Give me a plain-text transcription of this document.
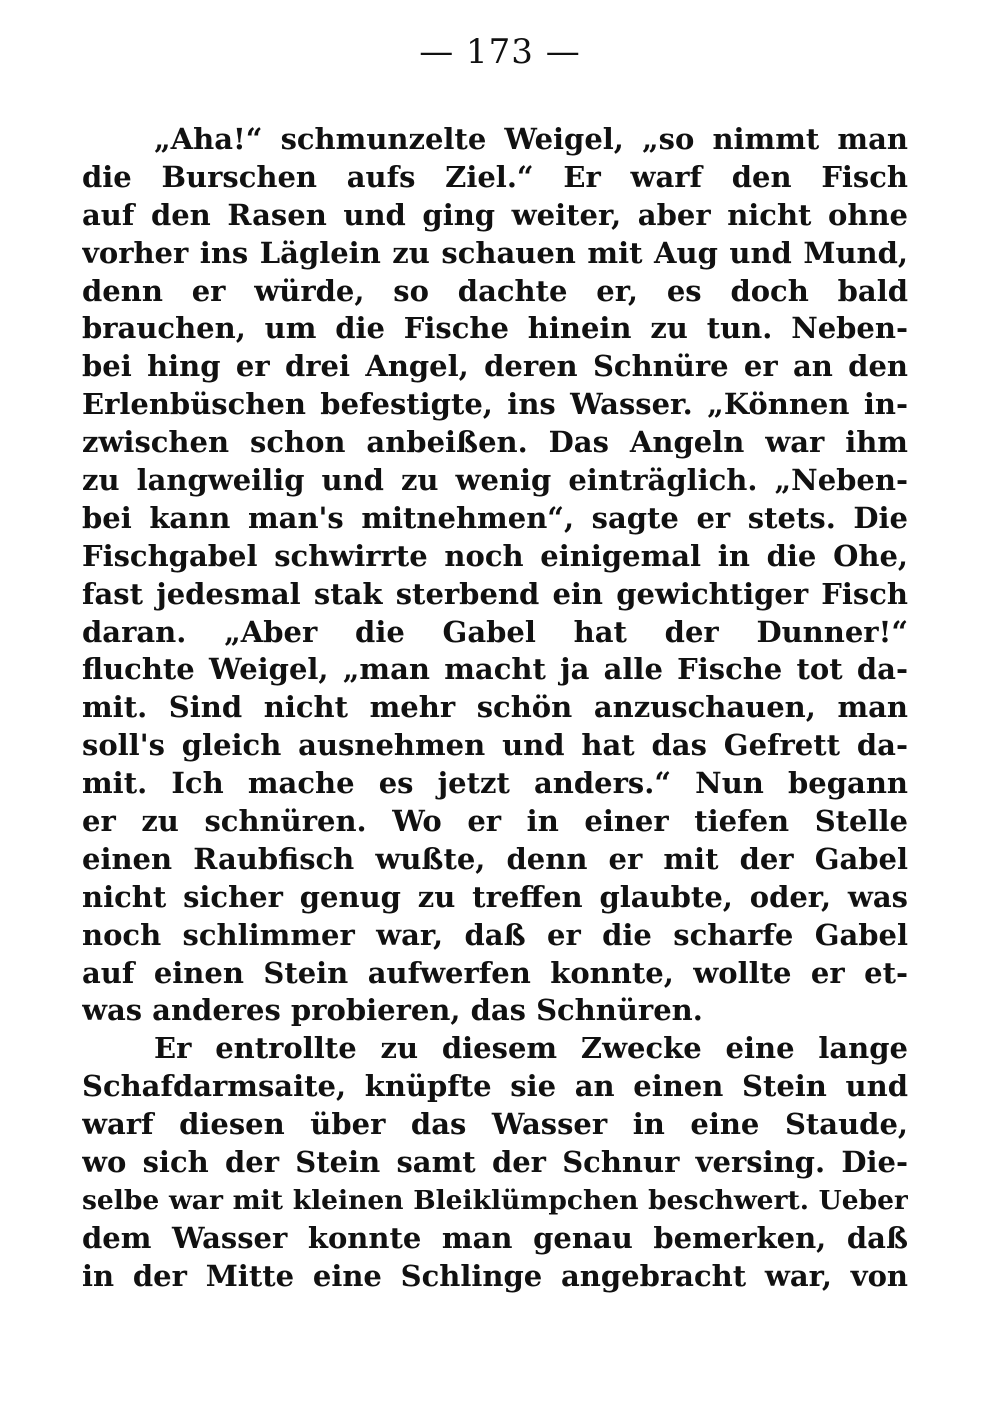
— 173 —
„Aha!“ schmunzelte Weigel, „so nimmt man
die Burschen aufs Ziel.“ Er warf den Fisch
auf den Rasen und ging weiter, aber nicht ohne
vorher ins Läglein zu schauen mit Aug und Mund,
denn er würde, so dachte er, es doch bald
brauchen, um die Fische hinein zu tun. Neben-
bei hing er drei Angel, deren Schnüre er an den
Erlenbüschen befestigte, ins Wasser. „Können in-
zwischen schon anbeißen. Das Angeln war ihm
zu langweilig und zu wenig einträglich. „Neben-
bei kann man's mitnehmen“, sagte er stets. Die
Fischgabel schwirrte noch einigemal in die Ohe,
fast jedesmal stak sterbend ein gewichtiger Fisch
daran. „Aber die Gabel hat der Dunner!“
fluchte Weigel, „man macht ja alle Fische tot da-
mit. Sind nicht mehr schön anzuschauen, man
soll's gleich ausnehmen und hat das Gefrett da-
mit. Ich mache es jetzt anders.“ Nun begann
er zu schnüren. Wo er in einer tiefen Stelle
einen Raubfisch wußte, denn er mit der Gabel
nicht sicher genug zu treffen glaubte, oder, was
noch schlimmer war, daß er die scharfe Gabel
auf einen Stein aufwerfen konnte, wollte er et-
was anderes probieren, das Schnüren.
Er entrollte zu diesem Zwecke eine lange
Schafdarmsaite, knüpfte sie an einen Stein und
warf diesen über das Wasser in eine Staude,
wo sich der Stein samt der Schnur versing. Die-
selbe war mit kleinen Bleiklümpchen beschwert. Ueber
dem Wasser konnte man genau bemerken, daß
in der Mitte eine Schlinge angebracht war, von
